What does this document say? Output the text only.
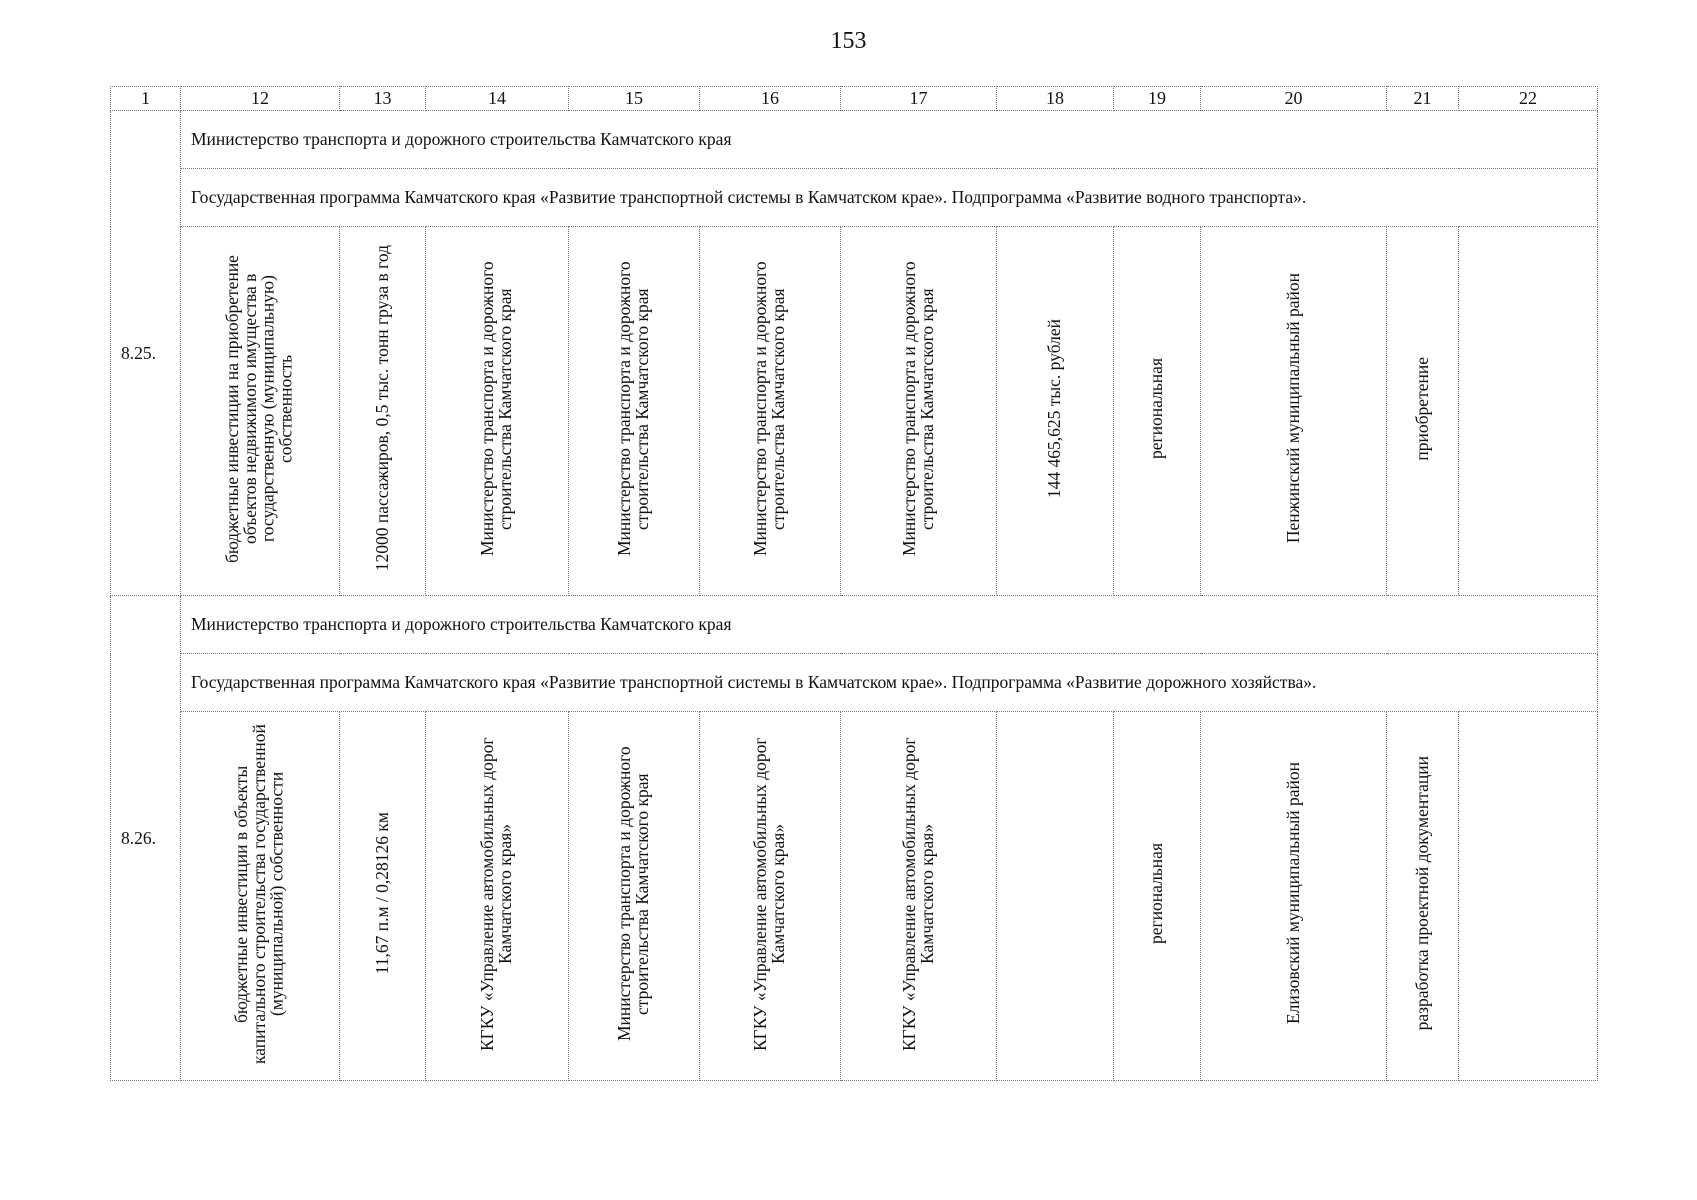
153
1	12	13	14	15	16	17	18	19	20	21	22
8.25.	Министерство транспорта и дорожного строительства Камчатского края										
	Государственная программа Камчатского края «Развитие транспортной системы в Камчатском крае». Подпрограмма «Развитие водного транспорта».										
	бюджетные инвестиции на приобретение объектов недвижимого имущества в государственную (муниципальную) собственность	12000 пассажиров, 0,5 тыс. тонн груза в год	Министерство транспорта и дорожного строительства Камчатского края	Министерство транспорта и дорожного строительства Камчатского края	Министерство транспорта и дорожного строительства Камчатского края	Министерство транспорта и дорожного строительства Камчатского края	144 465,625 тыс. рублей	региональная	Пенжинский муниципальный район	приобретение	
8.26.	Министерство транспорта и дорожного строительства Камчатского края										
	Государственная программа Камчатского края «Развитие транспортной системы в Камчатском крае». Подпрограмма «Развитие дорожного хозяйства».										
	бюджетные инвестиции в объекты капитального строительства государственной (муниципальной) собственности	11,67 п.м / 0,28126 км	КГКУ «Управление автомобильных дорог Камчатского края»	Министерство транспорта и дорожного строительства Камчатского края	КГКУ «Управление автомобильных дорог Камчатского края»	КГКУ «Управление автомобильных дорог Камчатского края»		региональная	Елизовский муниципальный район	разработка проектной документации	
